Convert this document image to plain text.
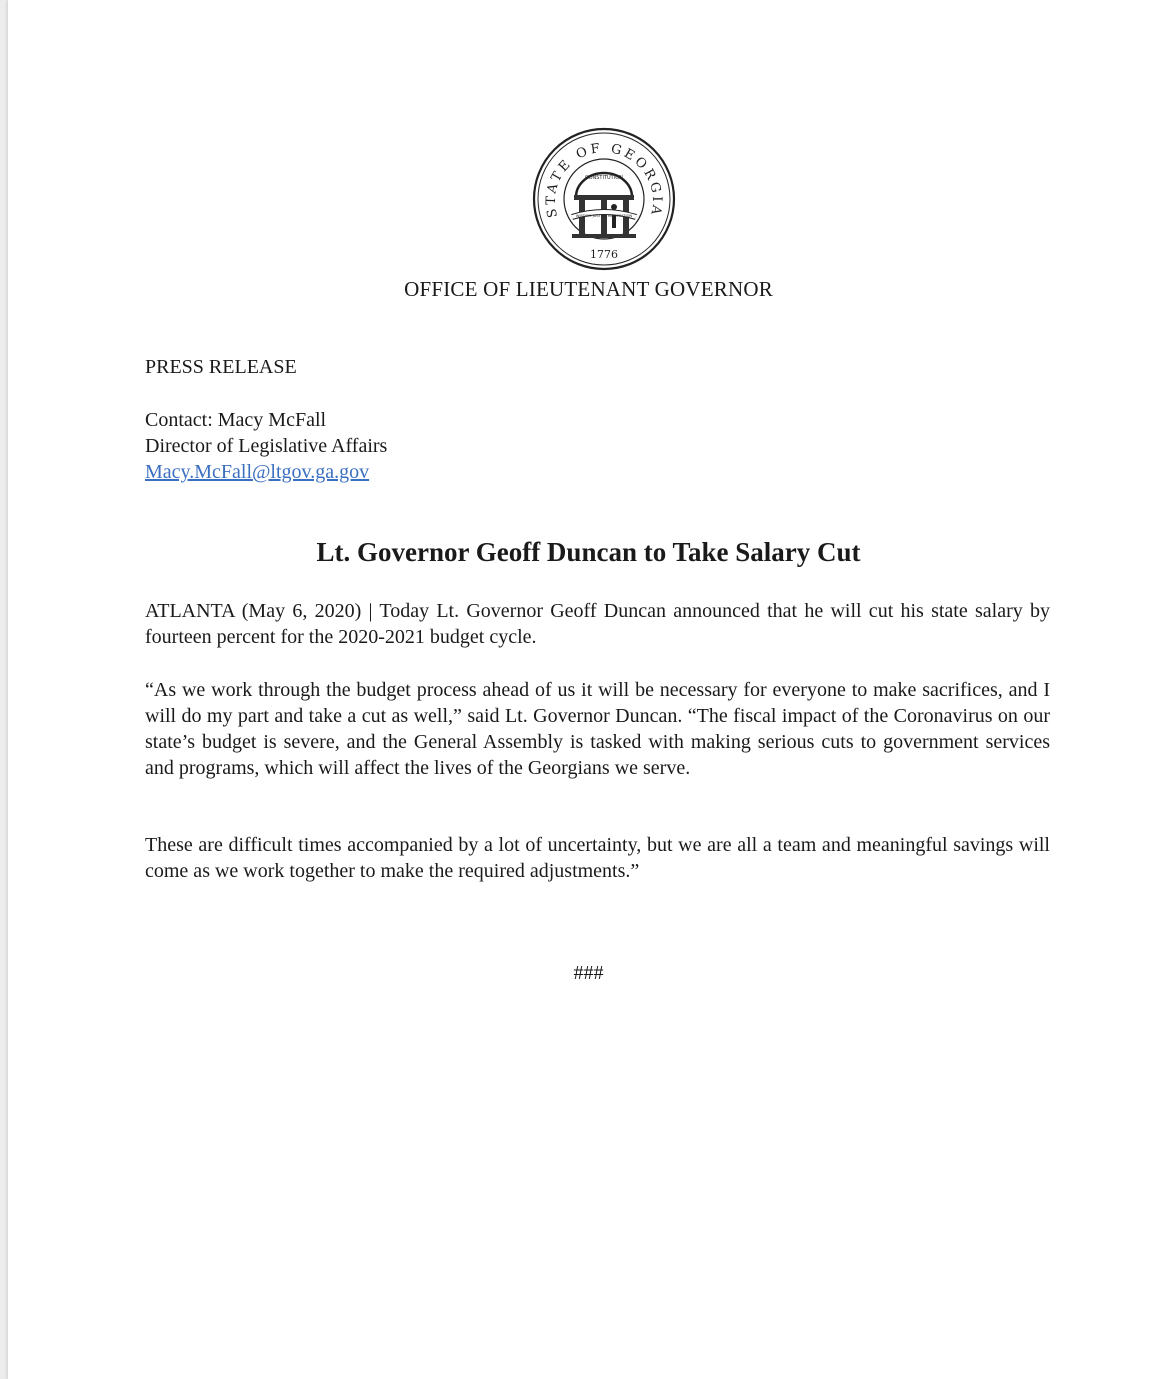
STATE OF GEORGIA
CONSTITUTION
WISDOM JUSTICE MODERATION
1776
OFFICE OF LIEUTENANT GOVERNOR
PRESS RELEASE
Contact: Macy McFall
Director of Legislative Affairs
Macy.McFall@ltgov.ga.gov
Lt. Governor Geoff Duncan to Take Salary Cut
ATLANTA (May 6, 2020) | Today Lt. Governor Geoff Duncan announced that he will cut his state salary by fourteen percent for the 2020-2021 budget cycle.
“As we work through the budget process ahead of us it will be necessary for everyone to make sacrifices, and I will do my part and take a cut as well,” said Lt. Governor Duncan. “The fiscal impact of the Coronavirus on our state’s budget is severe, and the General Assembly is tasked with making serious cuts to government services and programs, which will affect the lives of the Georgians we serve.
These are difficult times accompanied by a lot of uncertainty, but we are all a team and meaningful savings will come as we work together to make the required adjustments.”
###
